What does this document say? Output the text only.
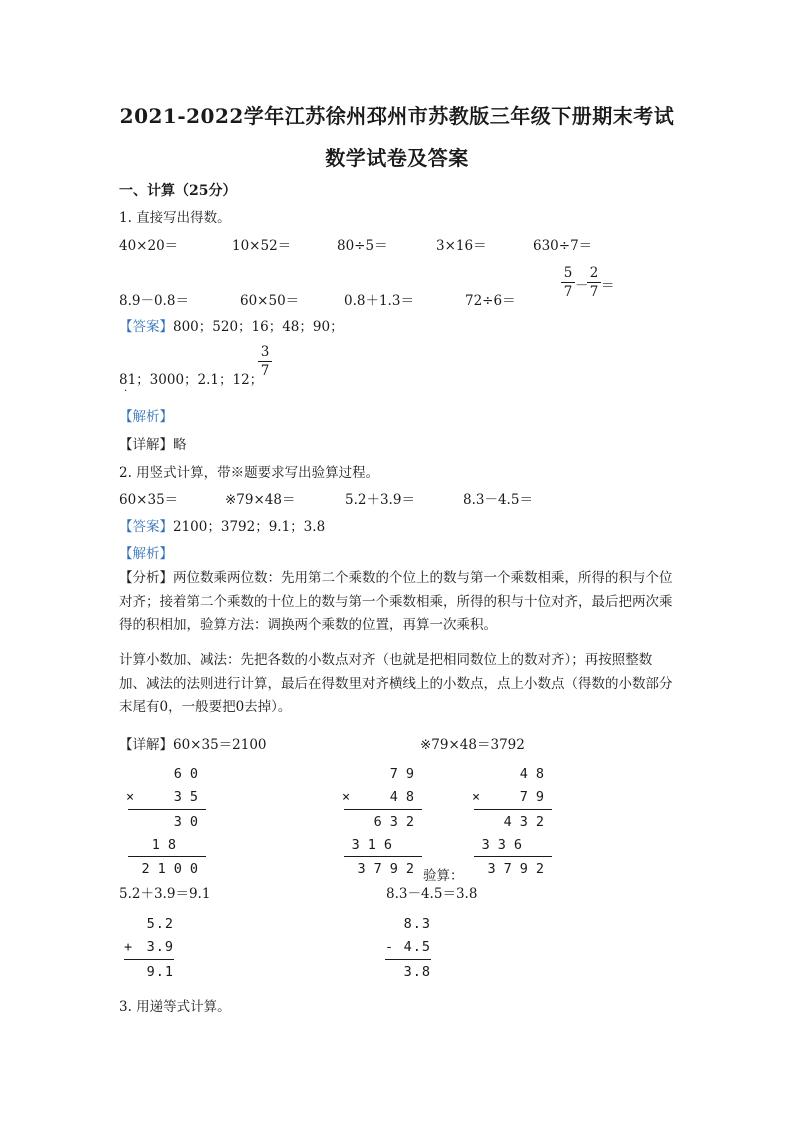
2021-2022学年江苏徐州邳州市苏教版三年级下册期末考试
数学试卷及答案
一、计算（25分）
1. 直接写出得数。
40×20＝	10×52＝	80÷5＝	3×16＝	630÷7＝
8.9－0.8＝	60×50＝	0.8＋1.3＝	72÷6＝
5
7 －
2
7 ＝
【答案】800；520；16；48；90；
81；3000；2.1；12；
·
3
7
【解析】
【详解】略
2. 用竖式计算，带※题要求写出验算过程。
60×35＝	※79×48＝	5.2＋3.9＝	8.3－4.5＝
【答案】2100；3792；9.1；3.8
【解析】
【分析】两位数乘两位数：先用第二个乘数的个位上的数与第一个乘数相乘，所得的积与个位对齐；接着第二个乘数的十位上的数与第一个乘数相乘，所得的积与十位对齐，最后把两次乘得的积相加，验算方法：调换两个乘数的位置，再算一次乘积。
计算小数加、减法：先把各数的小数点对齐（也就是把相同数位上的数对齐）；再按照整数加、减法的法则进行计算，最后在得数里对齐横线上的小数点，点上小数点（得数的小数部分末尾有0，一般要把0去掉）。
【详解】60×35＝2100	※79×48＝3792
60
×	35
30
18
2100
79
×	48
632
316
3792
48
×	79
432
336
3792
验算：
5.2＋3.9＝9.1	8.3－4.5＝3.8
5.2
+ 3.9
9.1
8.3
- 4.5
3.8
3. 用递等式计算。
